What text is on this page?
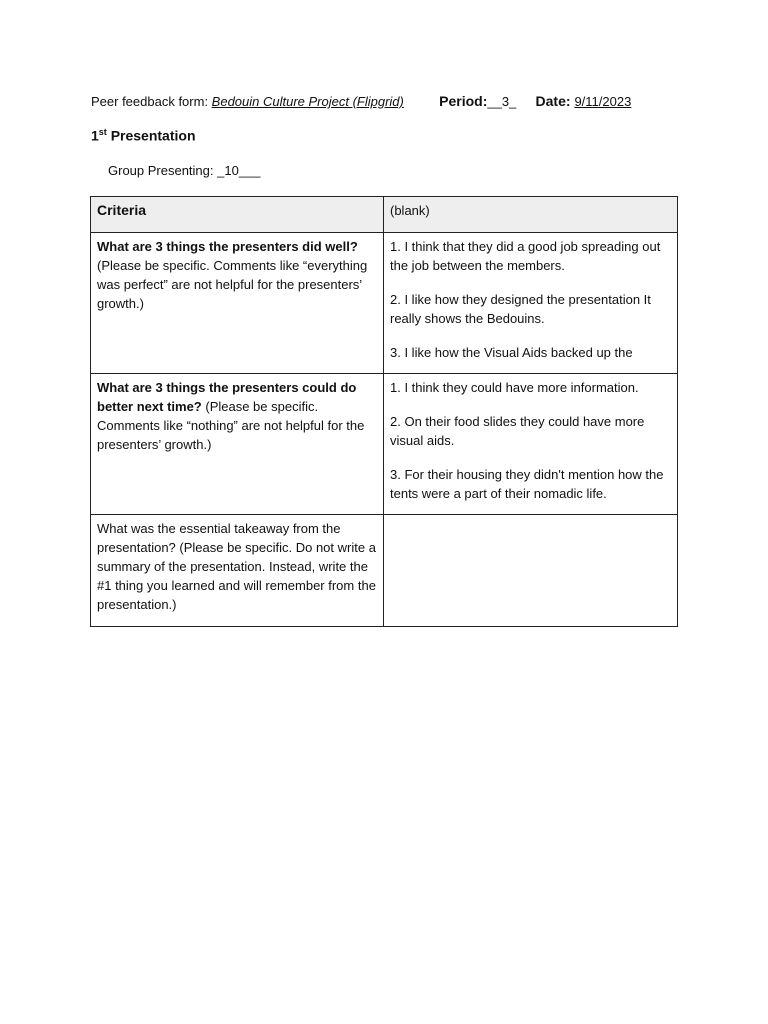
Peer feedback form: Bedouin Culture Project (Flipgrid)	Period:__3_ Date: 9/11/2023
1st Presentation
Group Presenting: _10___
Criteria	(blank)
What are 3 things the presenters did well? (Please be specific. Comments like “everything was perfect” are not helpful for the presenters’ growth.)	1. I think that they did a good job spreading out the job between the members.

2. I like how they designed the presentation It really shows the Bedouins.

3. I like how the Visual Aids backed up the

What are 3 things the presenters could do better next time? (Please be specific. Comments like “nothing” are not helpful for the presenters’ growth.)	1. I think they could have more information.

2. On their food slides they could have more visual aids.

3. For their housing they didn't mention how the tents were a part of their nomadic life.

What was the essential takeaway from the presentation? (Please be specific. Do not write a summary of the presentation. Instead, write the #1 thing you learned and will remember from the presentation.)	
